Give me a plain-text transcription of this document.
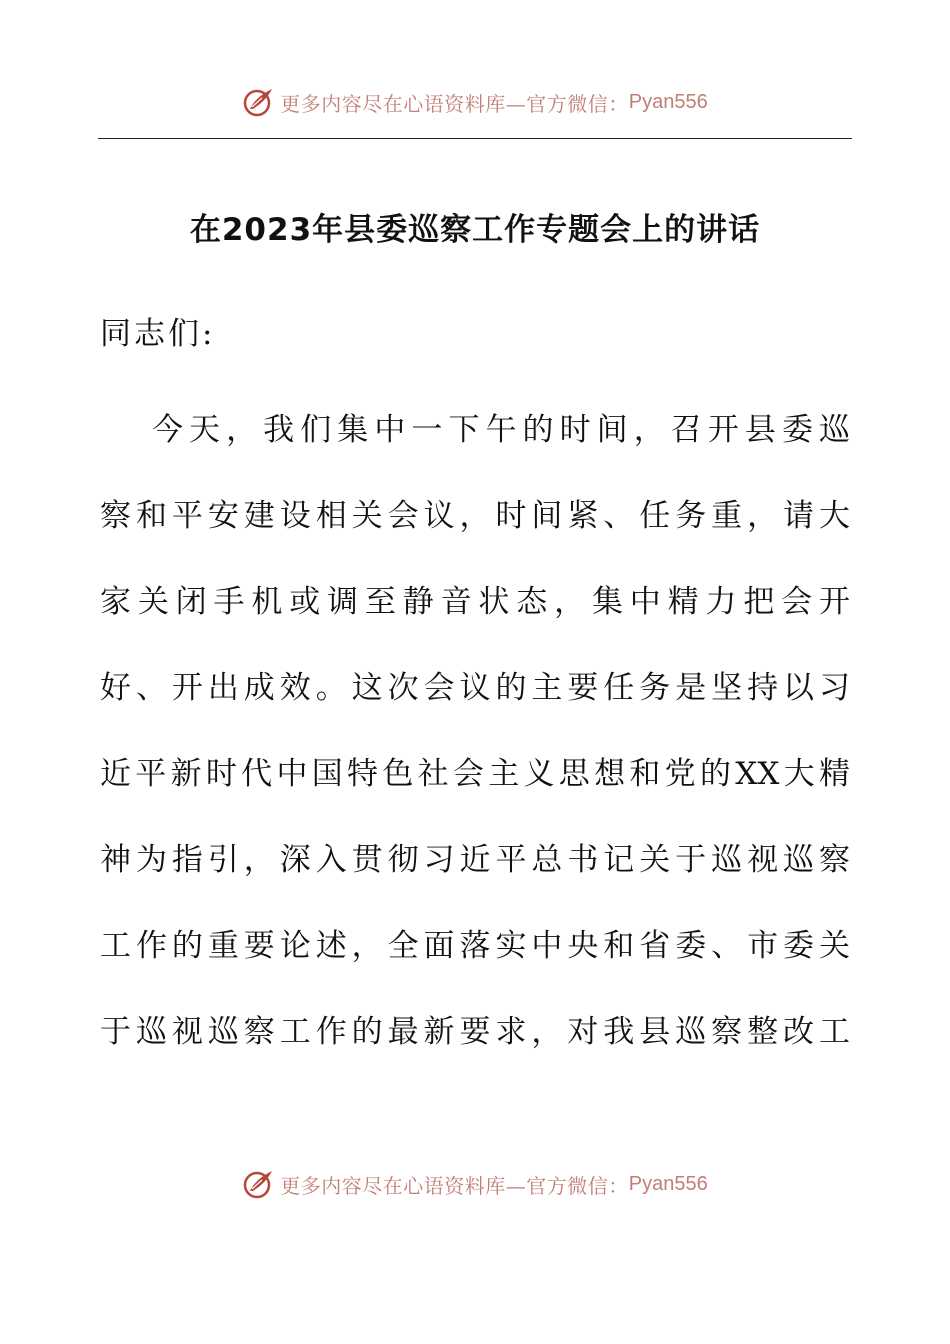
更多内容尽在心语资料库—官方微信： Pyan556
在2023年县委巡察工作专题会上的讲话

同志们:

今天，我们集中一下午的时间，召开县委巡

察和平安建设相关会议，时间紧、任务重，请大

家关闭手机或调至静音状态，集中精力把会开

好、开出成效。这次会议的主要任务是坚持以习

近平新时代中国特色社会主义思想和党的XX大精

神为指引，深入贯彻习近平总书记关于巡视巡察

工作的重要论述，全面落实中央和省委、市委关

于巡视巡察工作的最新要求，对我县巡察整改工

更多内容尽在心语资料库—官方微信： Pyan556
